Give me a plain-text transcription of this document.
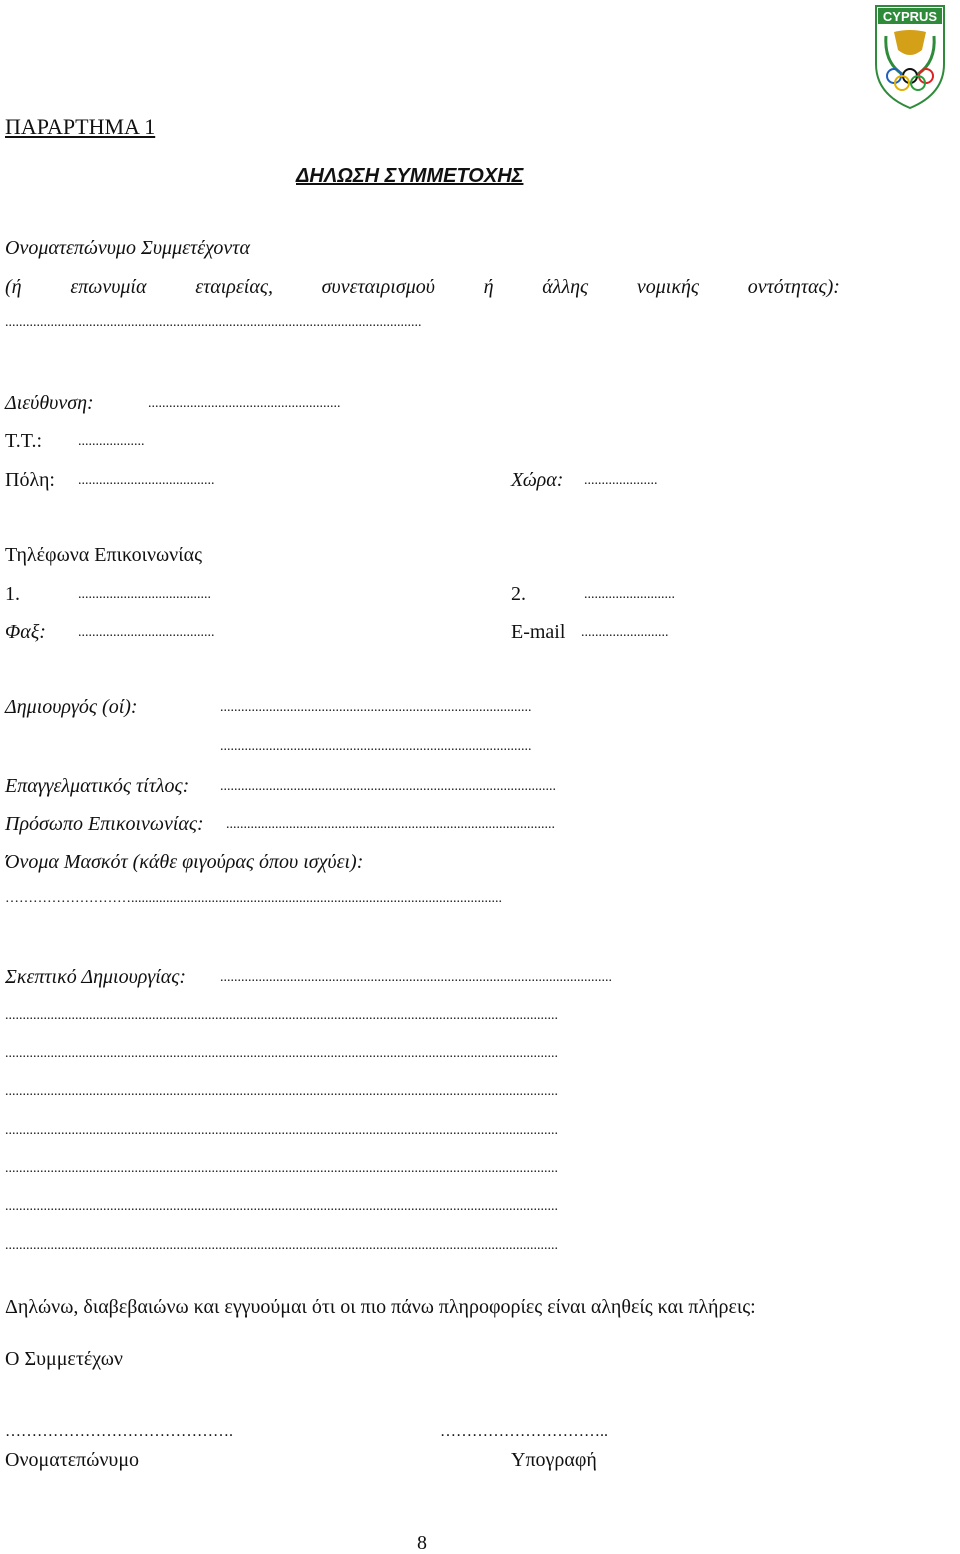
CYPRUS
ΠΑΡΑΡΤΗΜΑ 1
ΔΗΛΩΣΗ ΣΥΜΜΕΤΟΧΗΣ
Ονοματεπώνυμο Συμμετέχοντα
(ή επωνυμία εταιρείας, συνεταιρισμού ή άλλης νομικής οντότητας):
.......................................................................................................................
Διεύθυνση:	.......................................................
Τ.Τ.:	...................
Πόλη: .......................................	Χώρα: .....................
Τηλέφωνα Επικοινωνίας
1.	......................................	2.	..........................
Φαξ: .......................................	E-mail .........................
Δημιουργός (οί):	.........................................................................................
.........................................................................................
Επαγγελματικός τίτλος: ................................................................................................
Πρόσωπο Επικοινωνίας: ..............................................................................................
Όνομα Μασκότ (κάθε φιγούρας όπου ισχύει):
………………………..........................................................................................................
Σκεπτικό Δημιουργίας: ................................................................................................................
..............................................................................................................................................................
..............................................................................................................................................................
..............................................................................................................................................................
..............................................................................................................................................................
..............................................................................................................................................................
..............................................................................................................................................................
..............................................................................................................................................................
Δηλώνω, διαβεβαιώνω και εγγυούμαι ότι οι πιο πάνω πληροφορίες είναι αληθείς και πλήρεις:
Ο Συμμετέχων
…………………………………….	…………………………..
Ονοματεπώνυμο	Υπογραφή
8
